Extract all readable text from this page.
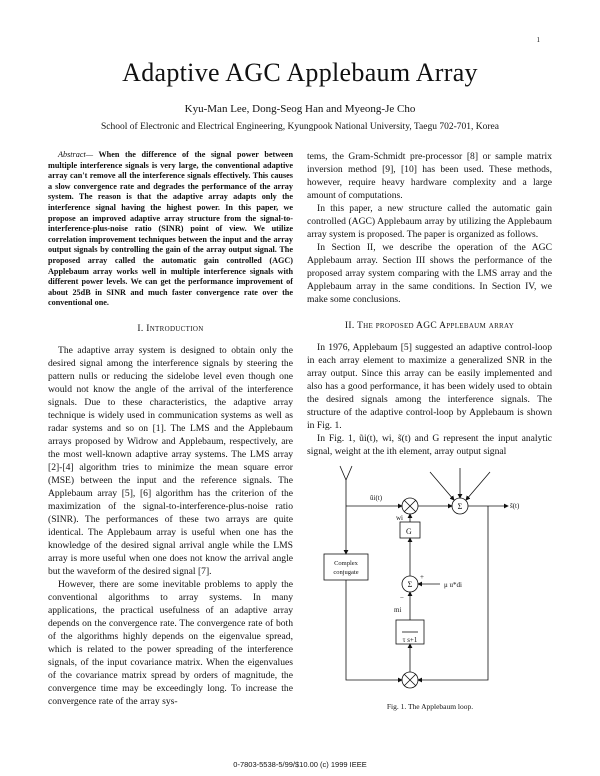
1
Adaptive AGC Applebaum Array
Kyu-Man Lee, Dong-Seog Han and Myeong-Je Cho
School of Electronic and Electrical Engineering, Kyungpook National University, Taegu 702-701, Korea

Abstract— When the difference of the signal power between multiple interference signals is very large, the conventional adaptive array can't remove all the interference signals effectively. This causes a slow convergence rate and degrades the performance of the array system. The reason is that the adaptive array adapts only the interference signal having the highest power. In this paper, we propose an improved adaptive array structure from the signal-to-interference-plus-noise ratio (SINR) point of view. We utilize correlation improvement techniques between the input and the array output signals by controlling the gain of the array output signal. The proposed array called the automatic gain controlled (AGC) Applebaum array works well in multiple interference signals with different power levels. We can get the performance improvement of about 25dB in SINR and much faster convergence rate over the conventional one.

I. Introduction

The adaptive array system is designed to obtain only the desired signal among the interference signals by steering the pattern nulls or reducing the sidelobe level even though one would not know the angle of the arrival of the interference signals. Due to these characteristics, the adaptive array technique is widely used in communication systems as well as radar systems and so on [1]. The LMS and the Applebaum arrays proposed by Widrow and Applebaum, respectively, are the most well-known adaptive array systems. The LMS array [2]-[4] algorithm tries to minimize the mean square error (MSE) between the input and the reference signals. The Applebaum array [5], [6] algorithm has the criterion of the maximization of the signal-to-interference-plus-noise ratio (SINR). The performances of these two arrays are quite identical. The Applebaum array is useful when one has the knowledge of the desired signal arrival angle while the LMS array is more useful when one does not know the arrival angle but the waveform of the desired signal [7].

However, there are some inevitable problems to apply the conventional algorithms to array systems. In many applications, the practical usefulness of an adaptive array depends on the convergence rate. The convergence rate of both of the algorithms highly depends on the eigenvalue spread, which is related to the power spreading of the interference signals, of the input covariance matrix. When the eigenvalues of the covariance matrix spread by orders of magnitude, the convergence time may be exceedingly long. To increase the convergence rate of the array sys-

tems, the Gram-Schmidt pre-processor [8] or sample matrix inversion method [9], [10] has been used. These methods, however, require heavy hardware complexity and a large amount of computations.

In this paper, a new structure called the automatic gain controlled (AGC) Applebaum array by utilizing the Applebaum array system is proposed. The paper is organized as follows.

In Section II, we describe the operation of the AGC Applebaum array. Section III shows the performance of the proposed array system comparing with the LMS array and the Applebaum array in the same conditions. In Section IV, we make some conclusions.

II. The proposed AGC Applebaum array

In 1976, Applebaum [5] suggested an adaptive control-loop in each array element to maximize a generalized SNR in the array output. Since this array can be easily implemented and also has a good performance, it has been widely used to obtain the desired signals among the interference signals. The structure of the adaptive control-loop by Applebaum is shown in Fig. 1.

In Fig. 1, ũi(t), wi, s̃(t) and G represent the input analytic signal, weight at the ith element, array output signal

ũi(t)
s̃(t)
wi
G
Complex
conjugate
Σ
Σ
+
−
μ u*di
mi
τ s+1
Fig. 1. The Applebaum loop.
0-7803-5538-5/99/$10.00 (c) 1999 IEEE
